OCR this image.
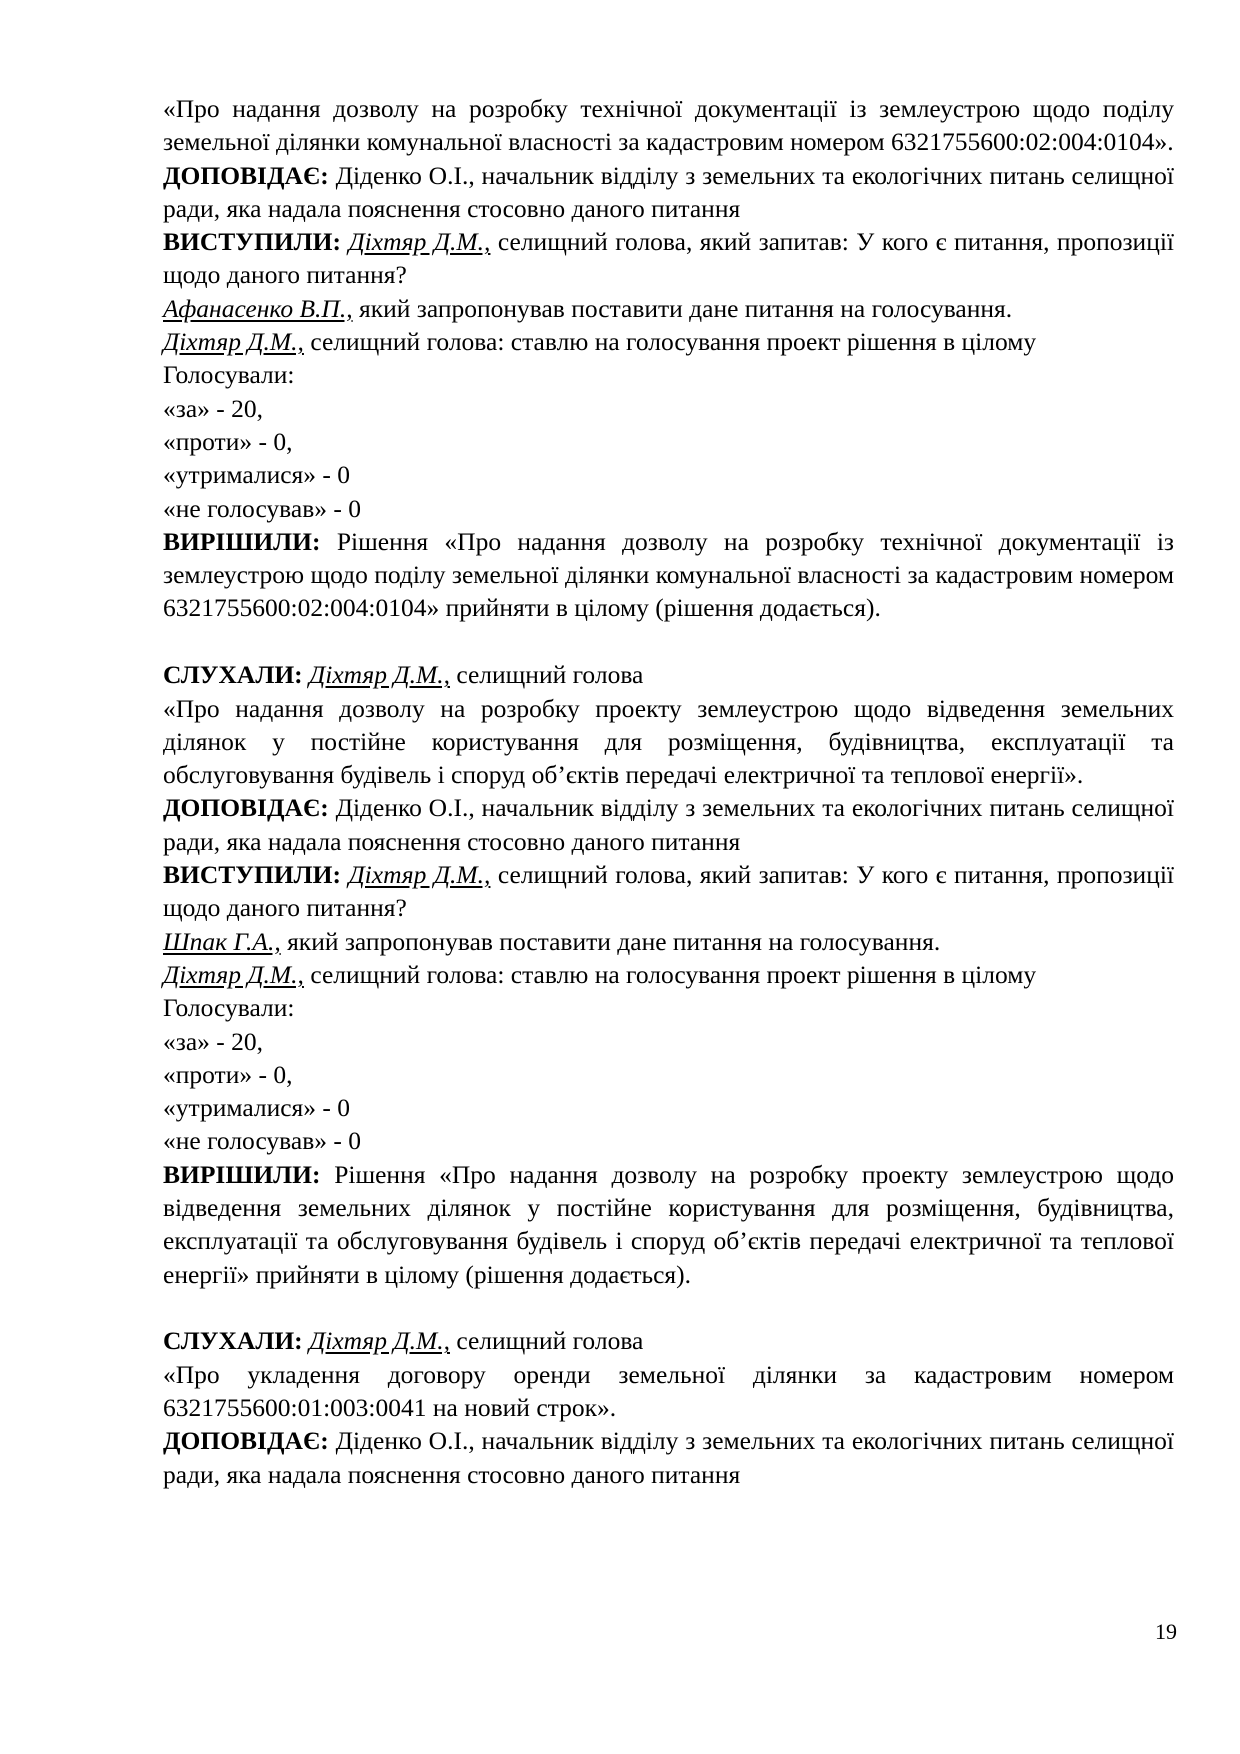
«Про надання дозволу на розробку технічної документації із землеустрою щодо поділу земельної ділянки комунальної власності за кадастровим номером 6321755600:02:004:0104».

ДОПОВІДАЄ: Діденко О.І., начальник відділу з земельних та екологічних питань селищної ради, яка надала пояснення стосовно даного питання

ВИСТУПИЛИ: Діхтяр Д.М., селищний голова, який запитав: У кого є питання, пропозиції щодо даного питання?

Афанасенко В.П., який запропонував поставити дане питання на голосування.

Діхтяр Д.М., селищний голова: ставлю на голосування проект рішення в цілому

Голосували:

«за» - 20,

«проти» - 0,

«утрималися» - 0

«не голосував» - 0

ВИРІШИЛИ: Рішення «Про надання дозволу на розробку технічної документації із землеустрою щодо поділу земельної ділянки комунальної власності за кадастровим номером 6321755600:02:004:0104» прийняти в цілому (рішення додається).

СЛУХАЛИ: Діхтяр Д.М., селищний голова

«Про надання дозволу на розробку проекту землеустрою щодо відведення земельних ділянок у постійне користування для розміщення, будівництва, експлуатації та обслуговування будівель і споруд об’єктів передачі електричної та теплової енергії».

ДОПОВІДАЄ: Діденко О.І., начальник відділу з земельних та екологічних питань селищної ради, яка надала пояснення стосовно даного питання

ВИСТУПИЛИ: Діхтяр Д.М., селищний голова, який запитав: У кого є питання, пропозиції щодо даного питання?

Шпак Г.А., який запропонував поставити дане питання на голосування.

Діхтяр Д.М., селищний голова: ставлю на голосування проект рішення в цілому

Голосували:

«за» - 20,

«проти» - 0,

«утрималися» - 0

«не голосував» - 0

ВИРІШИЛИ: Рішення «Про надання дозволу на розробку проекту землеустрою щодо відведення земельних ділянок у постійне користування для розміщення, будівництва, експлуатації та обслуговування будівель і споруд об’єктів передачі електричної та теплової енергії» прийняти в цілому (рішення додається).

СЛУХАЛИ: Діхтяр Д.М., селищний голова

«Про укладення договору оренди земельної ділянки за кадастровим номером 6321755600:01:003:0041 на новий строк».

ДОПОВІДАЄ: Діденко О.І., начальник відділу з земельних та екологічних питань селищної ради, яка надала пояснення стосовно даного питання

19
